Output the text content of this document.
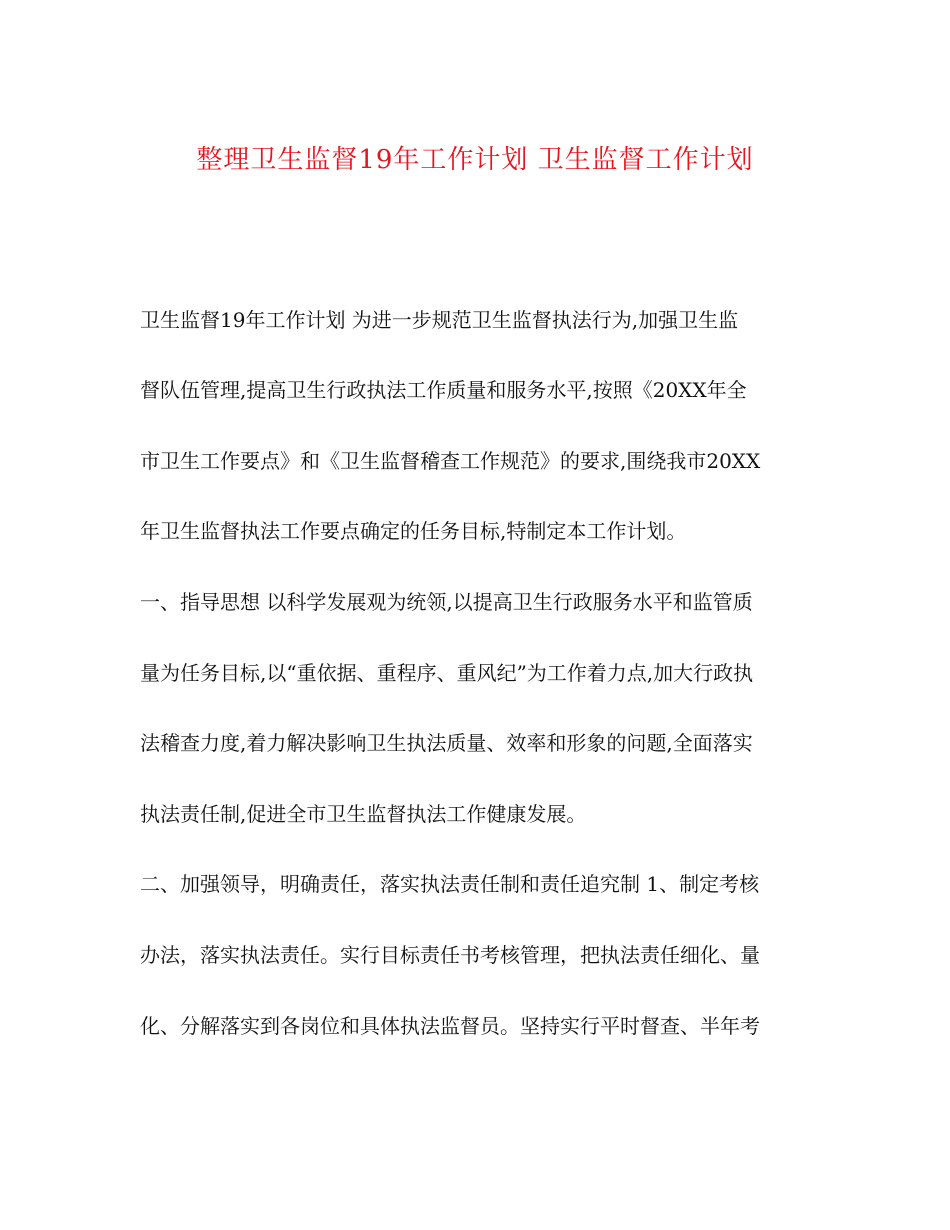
整理卫生监督19年工作计划 卫生监督工作计划

卫生监督19年工作计划 为进一步规范卫生监督执法行为,加强卫生监

督队伍管理,提高卫生行政执法工作质量和服务水平,按照《20XX年全

市卫生工作要点》和《卫生监督稽查工作规范》的要求,围绕我市20XX

年卫生监督执法工作要点确定的任务目标,特制定本工作计划。

一、指导思想 以科学发展观为统领,以提高卫生行政服务水平和监管质

量为任务目标,以“重依据、重程序、重风纪”为工作着力点,加大行政执

法稽查力度,着力解决影响卫生执法质量、效率和形象的问题,全面落实

执法责任制,促进全市卫生监督执法工作健康发展。

二、加强领导，明确责任，落实执法责任制和责任追究制 1、制定考核

办法，落实执法责任。实行目标责任书考核管理，把执法责任细化、量

化、分解落实到各岗位和具体执法监督员。坚持实行平时督查、半年考
